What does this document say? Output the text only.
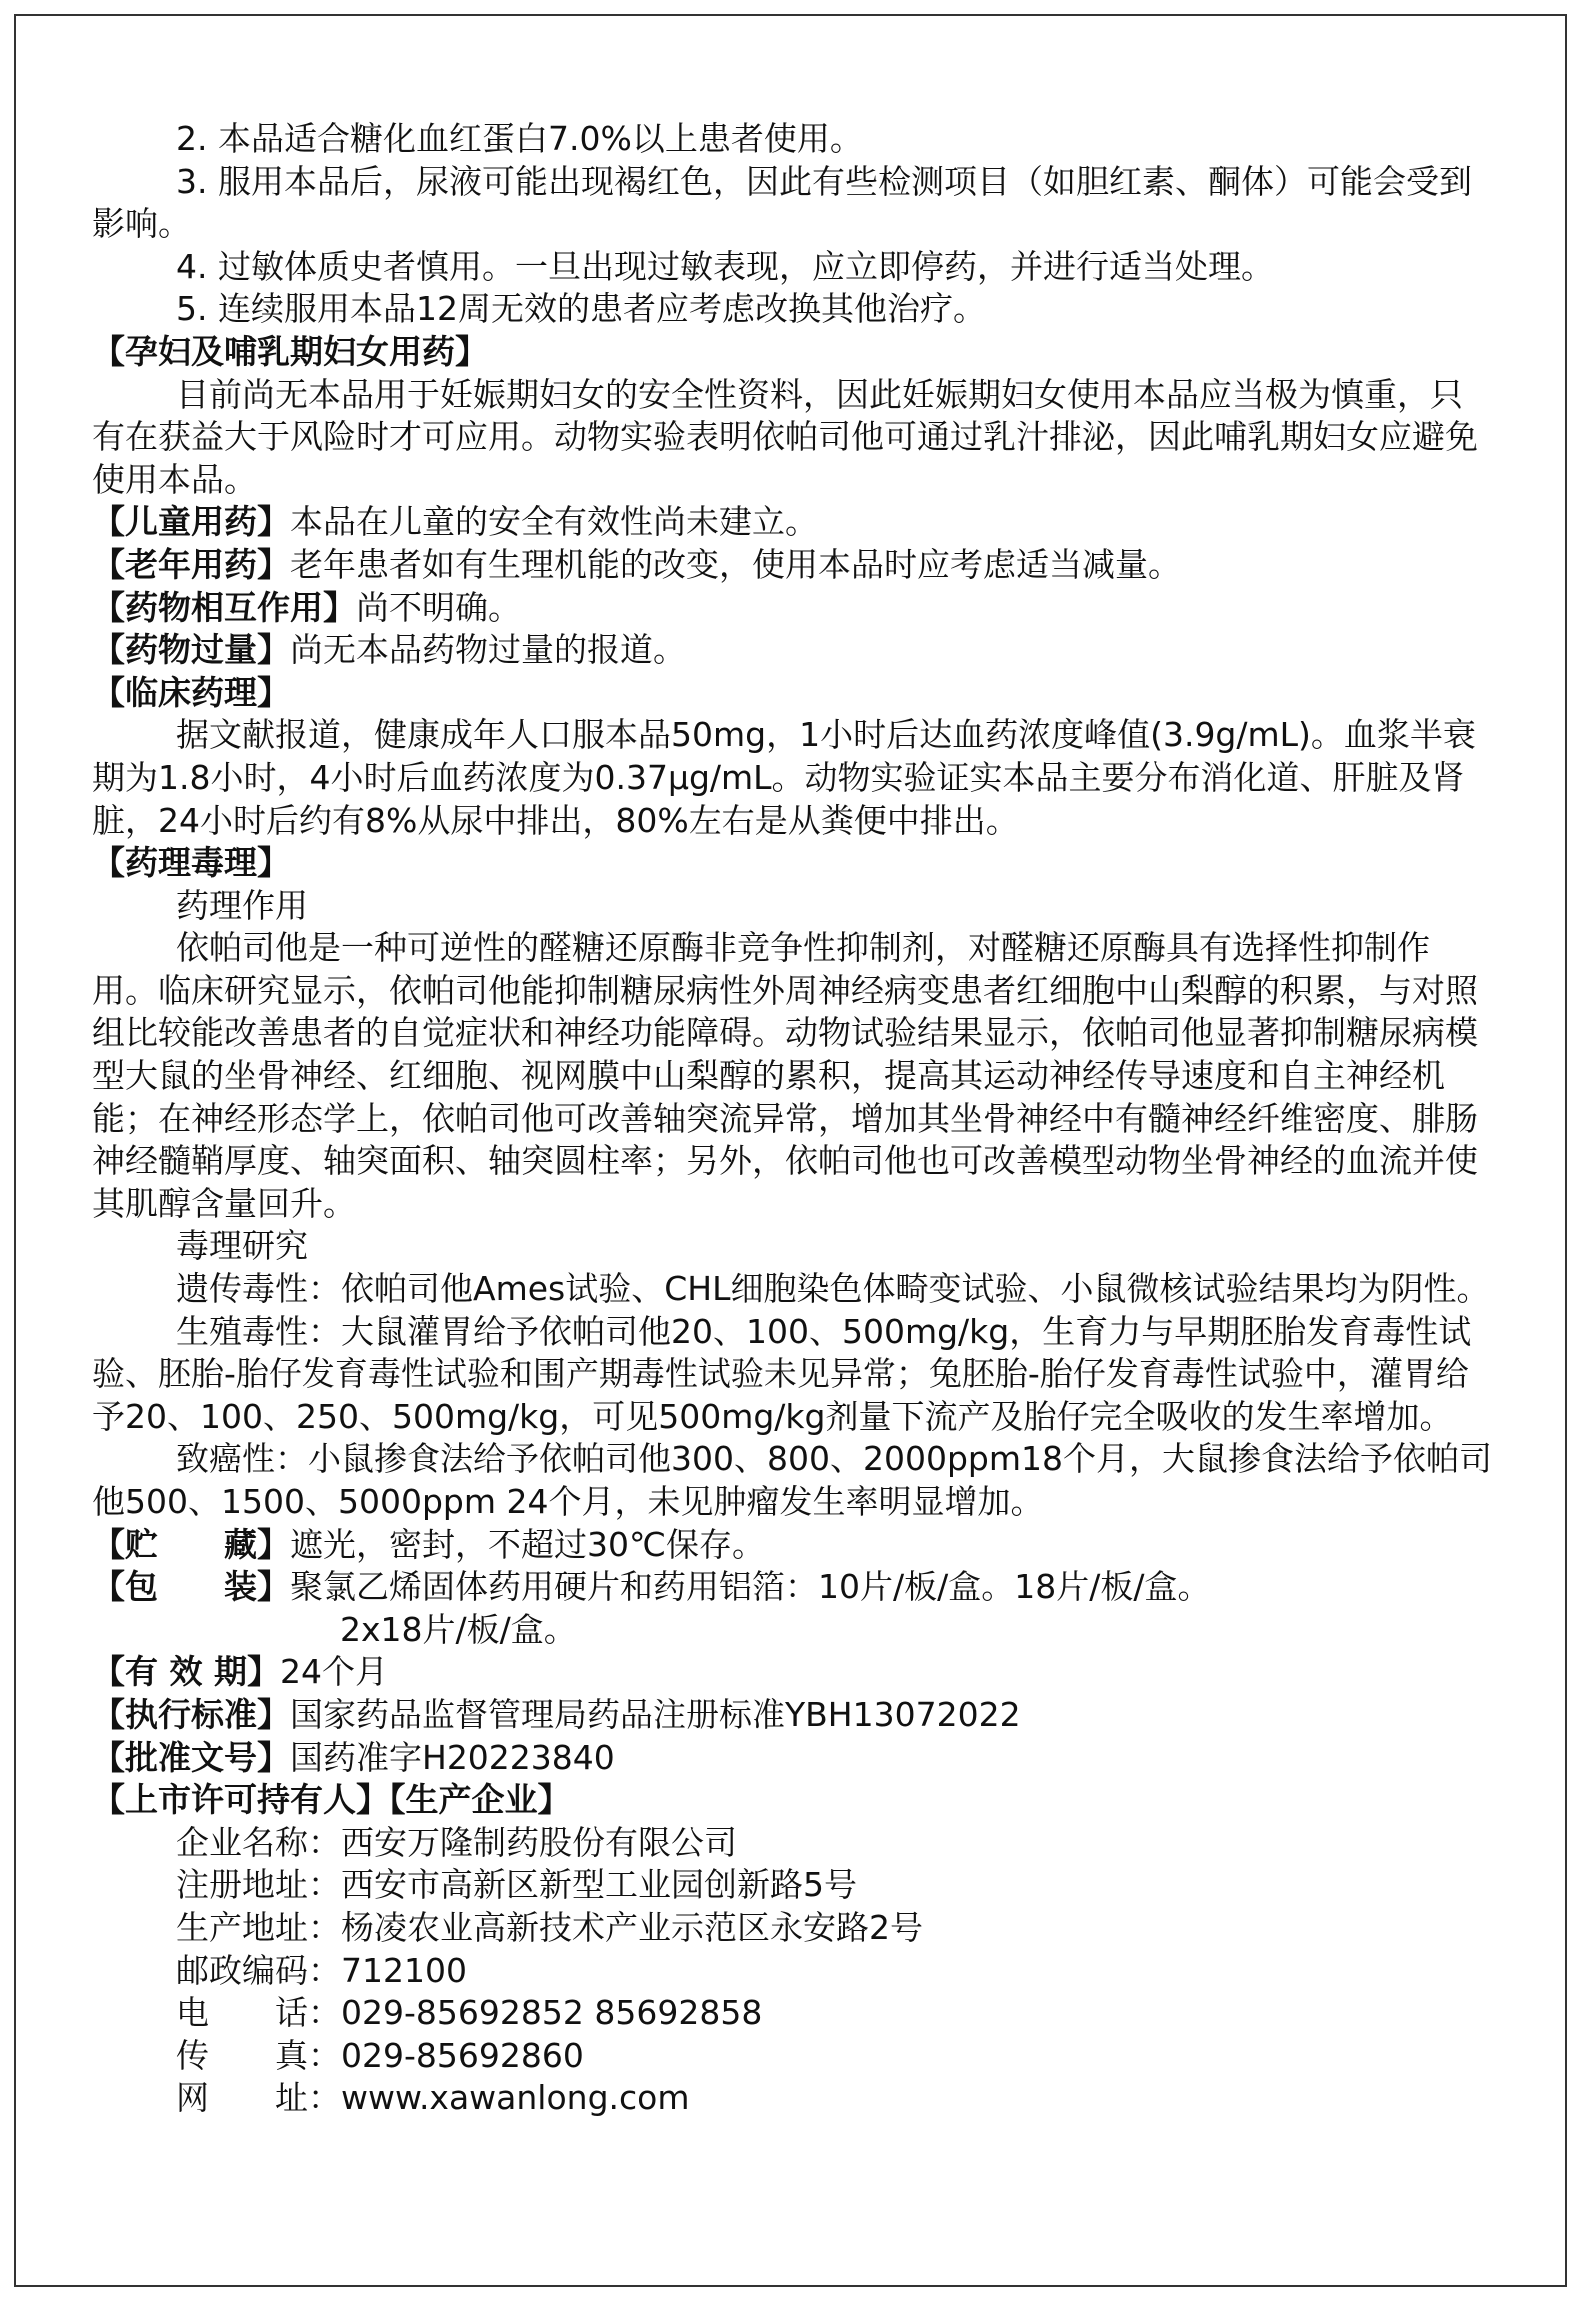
2. 本品适合糖化血红蛋白7.0%以上患者使用。

3. 服用本品后，尿液可能出现褐红色，因此有些检测项目（如胆红素、酮体）可能会受到影响。

4. 过敏体质史者慎用。一旦出现过敏表现，应立即停药，并进行适当处理。

5. 连续服用本品12周无效的患者应考虑改换其他治疗。

【孕妇及哺乳期妇女用药】

目前尚无本品用于妊娠期妇女的安全性资料，因此妊娠期妇女使用本品应当极为慎重，只有在获益大于风险时才可应用。动物实验表明依帕司他可通过乳汁排泌，因此哺乳期妇女应避免使用本品。

【儿童用药】本品在儿童的安全有效性尚未建立。

【老年用药】老年患者如有生理机能的改变，使用本品时应考虑适当减量。

【药物相互作用】尚不明确。

【药物过量】尚无本品药物过量的报道。

【临床药理】

据文献报道，健康成年人口服本品50mg，1小时后达血药浓度峰值(3.9g/mL)。血浆半衰期为1.8小时，4小时后血药浓度为0.37μg/mL。动物实验证实本品主要分布消化道、肝脏及肾脏，24小时后约有8%从尿中排出，80%左右是从粪便中排出。

【药理毒理】

药理作用

依帕司他是一种可逆性的醛糖还原酶非竞争性抑制剂，对醛糖还原酶具有选择性抑制作用。临床研究显示，依帕司他能抑制糖尿病性外周神经病变患者红细胞中山梨醇的积累，与对照组比较能改善患者的自觉症状和神经功能障碍。动物试验结果显示，依帕司他显著抑制糖尿病模型大鼠的坐骨神经、红细胞、视网膜中山梨醇的累积，提高其运动神经传导速度和自主神经机能；在神经形态学上，依帕司他可改善轴突流异常，增加其坐骨神经中有髓神经纤维密度、腓肠神经髓鞘厚度、轴突面积、轴突圆柱率；另外，依帕司他也可改善模型动物坐骨神经的血流并使其肌醇含量回升。

毒理研究

遗传毒性：依帕司他Ames试验、CHL细胞染色体畸变试验、小鼠微核试验结果均为阴性。

生殖毒性：大鼠灌胃给予依帕司他20、100、500mg/kg，生育力与早期胚胎发育毒性试验、胚胎-胎仔发育毒性试验和围产期毒性试验未见异常；兔胚胎-胎仔发育毒性试验中，灌胃给予20、100、250、500mg/kg，可见500mg/kg剂量下流产及胎仔完全吸收的发生率增加。

致癌性：小鼠掺食法给予依帕司他300、800、2000ppm18个月，大鼠掺食法给予依帕司他500、1500、5000ppm 24个月，未见肿瘤发生率明显增加。

【贮　　藏】遮光，密封，不超过30℃保存。

【包　　装】聚氯乙烯固体药用硬片和药用铝箔：10片/板/盒。18片/板/盒。

2x18片/板/盒。

【有 效 期】24个月

【执行标准】国家药品监督管理局药品注册标准YBH13072022

【批准文号】国药准字H20223840

【上市许可持有人】【生产企业】

企业名称：西安万隆制药股份有限公司

注册地址：西安市高新区新型工业园创新路5号

生产地址：杨凌农业高新技术产业示范区永安路2号

邮政编码：712100

电　　话：029-85692852 85692858

传　　真：029-85692860

网　　址：www.xawanlong.com
